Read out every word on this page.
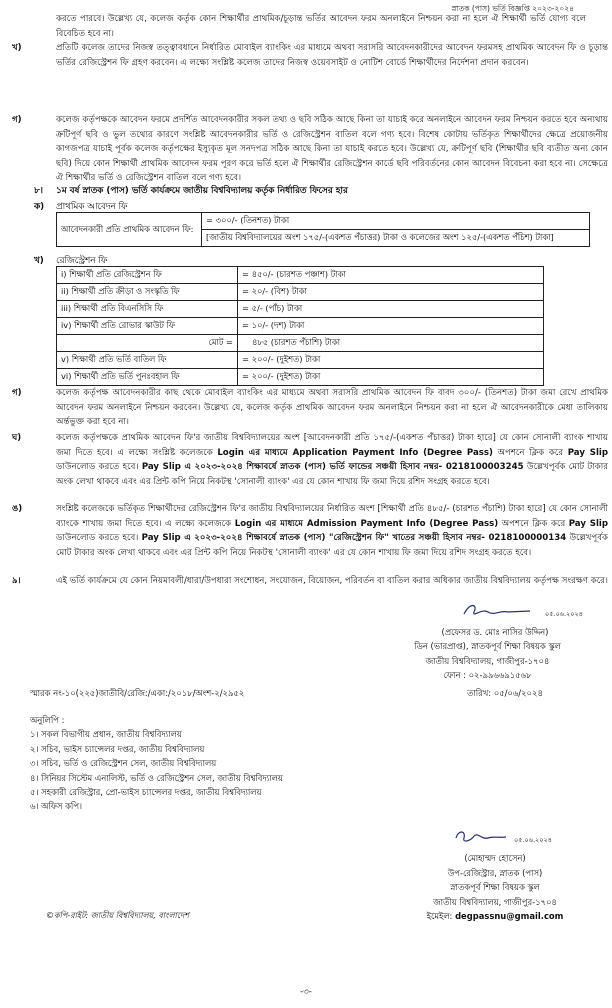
স্নাতক (পাস) ভর্তি বিজ্ঞপ্তি ২০২৩-২০২৪
করতে পারবে। উল্লেখ্য যে, কলেজ কর্তৃক কোন শিক্ষার্থীর প্রাথমিক/চূড়ান্ত ভর্তির আবেদন ফরম অনলাইনে নিশ্চয়ন করা না হলে ঐ শিক্ষার্থী ভর্তি যোগ্য বলে বিবেচিত হবে না।
খ)	প্রতিটি কলেজ তাদের নিজস্ব তত্ত্বাবধানে নির্ধারিত মোবাইল ব্যাংকিং এর মাধ্যমে অথবা সরাসরি আবেদনকারীদের আবেদন ফরমসহ প্রাথমিক আবেদন ফি ও চূড়ান্ত ভর্তির রেজিস্ট্রেশন ফি গ্রহণ করবেন। এ লক্ষ্যে সংশ্লিষ্ট কলেজ তাদের নিজস্ব ওয়েবসাইট ও নোটিশ বোর্ডে শিক্ষার্থীদের নির্দেশনা প্রদান করবেন।
গ)	কলেজ কর্তৃপক্ষকে আবেদন ফরমে প্রদর্শিত আবেদনকারীর সকল তথ্য ও ছবি সঠিক আছে কিনা তা যাচাই করে অনলাইনে আবেদন ফরম নিশ্চয়ন করতে হবে অন্যথায় ক্রটিপূর্ণ ছবি ও ভুল তথ্যের কারণে সংশ্লিষ্ট আবেদনকারীর ভর্তি ও রেজিস্ট্রেশন বাতিল বলে গণ্য হবে। বিশেষ কোটায় ভর্তিকৃত শিক্ষার্থীদের ক্ষেত্রে প্রয়োজনীয় কাগজপত্র যাচাই পূর্বক কলেজ কর্তৃপক্ষের ইস্যুকৃত মূল সনদপত্র সঠিক আছে কিনা তা যাচাই করতে হবে। উল্লেখ্য যে, ক্রটিপূর্ণ ছবি (শিক্ষার্থীর ছবি ব্যতীত অন্য কোন ছবি) দিয়ে কোন শিক্ষার্থী প্রাথমিক আবেদন ফরম পূরণ করে ভর্তি হলে ঐ শিক্ষার্থীর রেজিস্ট্রেশন কার্ডে ছবি পরিবর্তনের কোন আবেদন বিবেচনা করা হবে না। সেক্ষেত্রে ঐ শিক্ষার্থীর ভর্তি ও রেজিস্ট্রেশন বাতিল বলে গণ্য হবে।
৮। ১ম বর্ষ স্নাতক (পাস) ভর্তি কার্যক্রমে জাতীয় বিশ্ববিদ্যালয় কর্তৃক নির্ধারিত ফিসের হার
ক) প্রাথমিক আবেদন ফি
আবেদনকারী প্রতি প্রাথমিক আবেদন ফি:	= ৩০০/- (তিনশত) টাকা
[জাতীয় বিশ্ববিদ্যালয়ের অংশ ১৭৫/-(একশত পঁচাত্তর) টাকা ও কলেজের অংশ ১২৫/-(একশত পঁচিশ) টাকা]
খ) রেজিস্ট্রেশন ফি
i) শিক্ষার্থী প্রতি রেজিস্ট্রেশন ফি	= ৪৫০/- (চারশত পঞ্চাশ) টাকা
ii) শিক্ষার্থী প্রতি ক্রীড়া ও সংস্কৃতি ফি	= ২০/- (বিশ) টাকা
iii) শিক্ষার্থী প্রতি বিএনসিসি ফি	= ৫/- (পাঁচ) টাকা
iv) শিক্ষার্থী প্রতি রোভার স্কাউট ফি	= ১০/- (দশ) টাকা
মোট =	৪৮৫ (চারশত পঁচাশি) টাকা
v) শিক্ষার্থী প্রতি ভর্তি বাতিল ফি	= ২০০/- (দুইশত) টাকা
vi) শিক্ষার্থী প্রতি ভর্তি পুনঃবহাল ফি	= ২০০/- (দুইশত) টাকা
গ)	কলেজ কর্তৃপক্ষ আবেদনকারীর কাছ থেকে মোবাইল ব্যাংকিং এর মাধ্যমে অথবা সরাসরি প্রাথমিক আবেদন ফি বাবদ ৩০০/- (তিনশত) টাকা জমা রেখে প্রাথমিক আবেদন ফরম অনলাইনে নিশ্চয়ন করবেন। উল্লেখ্য যে, কলেজ কর্তৃক প্রাথমিক আবেদন ফরম অনলাইনে নিশ্চয়ন করা না হলে ঐ আবেদনকারীকে মেধা তালিকায় অর্ন্তভুক্ত করা হবে না।
ঘ)	কলেজ কর্তৃপক্ষকে প্রাথমিক আবেদন ফি'র জাতীয় বিশ্ববিদ্যালয়ের অংশ [আবেদনকারী প্রতি ১৭৫/-(একশত পঁচাত্তর) টাকা হারে] যে কোন সোনালী ব্যাংক শাখায় জমা দিতে হবে। এ লক্ষ্যে সংশ্লিষ্ট কলেজকে Login এর মাধ্যমে Application Payment Info (Degree Pass) অপশনে ক্লিক করে Pay Slip ডাউনলোড করতে হবে। Pay Slip এ ২০২৩-২০২৪ শিক্ষাবর্ষে স্নাতক (পাস) ভর্তি ফান্ডের সঞ্চয়ী হিসাব নম্বর- 0218100003245 উল্লেখপূর্বক মোট টাকার অংক লেখা থাকবে এবং এর প্রিন্ট কপি নিয়ে নিকটস্থ 'সোনালী ব্যাংক' এর যে কোন শাখায় ফি জমা দিয়ে রশিদ সংগ্রহ করতে হবে।
ঙ)	সংশ্লিষ্ট কলেজকে ভর্তিকৃত শিক্ষার্থীদের রেজিস্ট্রেশন ফি'র জাতীয় বিশ্ববিদ্যালয়ের নির্ধারিত অংশ [শিক্ষার্থী প্রতি ৪৮৫/- (চারশত পঁচাশি) টাকা হারে] যে কোন সোনালী ব্যাংকে শাখায় জমা দিতে হবে। এ লক্ষ্যে কলেজকে Login এর মাধ্যমে Admission Payment Info (Degree Pass) অপশনে ক্লিক করে Pay Slip ডাউনলোড করতে হবে। Pay Slip এ ২০২৩-২০২৪ শিক্ষাবর্ষে স্নাতক (পাস) "রেজিস্ট্রেশন ফি" খাতের সঞ্চয়ী হিসাব নম্বর- 0218100000134 উল্লেখপূর্বক মোট টাকার অংক লেখা থাকবে এবং এর প্রিন্ট কপি নিয়ে নিকটস্থ 'সোনালী ব্যাংক' এর যে কোন শাখায় ফি জমা দিয়ে রশিদ সংগ্রহ করতে হবে।
৯।	এই ভর্তি কার্যক্রমে যে কোন নিয়মাবলী/ধারা/উপধারা সংশোধন, সংযোজন, বিয়োজন, পরিবর্তন বা বাতিল করার অধিকার জাতীয় বিশ্ববিদ্যালয় কর্তৃপক্ষ সংরক্ষণ করে।
০৫.০৬.২০২৪
(প্রফেসর ড. মোঃ নাসির উদ্দিন)
ডিন (ভারপ্রাপ্ত), স্নাতকপূর্ব শিক্ষা বিষয়ক স্কুল
জাতীয় বিশ্ববিদ্যালয়, গাজীপুর-১৭০৪
ফোন : ০২-৯৯৬৬৯১৫৬৮
স্মারক নং-১০(২২৫)জাতীবি/রেজি:/একা:/২০১৮/অংশ-২/২৯৫২	তারিখ: ০৫/০৬/২০২৪
অনুলিপি :
১। সকল বিভাগীয় প্রধান, জাতীয় বিশ্ববিদ্যালয়
২। সচিব, ভাইস চ্যান্সেলর দপ্তর, জাতীয় বিশ্ববিদ্যালয়
৩। সচিব, ভর্তি ও রেজিস্ট্রেশন সেল, জাতীয় বিশ্ববিদ্যালয়
৪। সিনিয়র সিস্টেম এনালিস্ট, ভর্তি ও রেজিস্ট্রেশন সেল, জাতীয় বিশ্ববিদ্যালয়
৫। সহকারী রেজিস্ট্রার, প্রো-ভাইস চ্যান্সেলর দপ্তর, জাতীয় বিশ্ববিদ্যালয়
৬। অফিস কপি।
০৫.০৬.২০২৪
(মোহাম্মদ হোসেন)
উপ-রেজিস্ট্রার, স্নাতক (পাস)
স্নাতকপূর্ব শিক্ষা বিষয়ক স্কুল
জাতীয় বিশ্ববিদ্যালয়, গাজীপুর-১৭০৪
ইমেইল: degpassnu@gmail.com
©কপি-রাইট: জাতীয় বিশ্ববিদ্যালয়, বাংলাদেশ
-৩-
